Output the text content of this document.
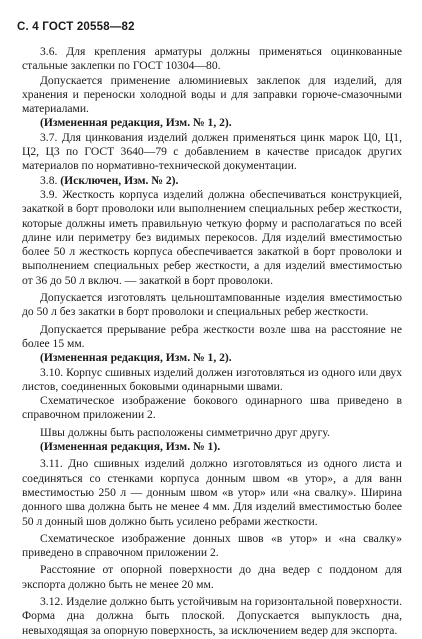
С. 4 ГОСТ 20558—82

3.6. Для крепления арматуры должны применяться оцинкованные стальные заклепки по ГОСТ 10304—80.

Допускается применение алюминиевых заклепок для изделий, для хранения и переноски холодной воды и для заправки горюче-смазочными материалами.

(Измененная редакция, Изм. № 1, 2).

3.7. Для цинкования изделий должен применяться цинк марок Ц0, Ц1, Ц2, Ц3 по ГОСТ 3640—79 с добавлением в качестве присадок других материалов по нормативно-технической документации.

3.8. (Исключен, Изм. № 2).

3.9. Жесткость корпуса изделий должна обеспечиваться конструкцией, закаткой в борт проволоки или выполнением специальных ребер жесткости, которые должны иметь правильную четкую форму и располагаться по всей длине или периметру без видимых перекосов. Для изделий вместимостью более 50 л жесткость корпуса обеспечивается закаткой в борт проволоки и выполнением специальных ребер жесткости, а для изделий вместимостью от 36 до 50 л включ. — закаткой в борт проволоки.

Допускается изготовлять цельноштампованные изделия вместимостью до 50 л без закатки в борт проволоки и специальных ребер жесткости.

Допускается прерывание ребра жесткости возле шва на расстояние не более 15 мм.

(Измененная редакция, Изм. № 1, 2).

3.10. Корпус сшивных изделий должен изготовляться из одного или двух листов, соединенных боковыми одинарными швами.

Схематическое изображение бокового одинарного шва приведено в справочном приложении 2.

Швы должны быть расположены симметрично друг другу.

(Измененная редакция, Изм. № 1).

3.11. Дно сшивных изделий должно изготовляться из одного листа и соединяться со стенками корпуса донным швом «в утор», а для ванн вместимостью 250 л — донным швом «в утор» или «на свалку». Ширина донного шва должна быть не менее 4 мм. Для изделий вместимостью более 50 л донный шов должно быть усилено ребрами жесткости.

Схематическое изображение донных швов «в утор» и «на свалку» приведено в справочном приложении 2.

Расстояние от опорной поверхности до дна ведер с поддоном для экспорта должно быть не менее 20 мм.

3.12. Изделие должно быть устойчивым на горизонтальной поверхности. Форма дна должна быть плоской. Допускается выпуклость дна, невыходящая за опорную поверхность, за исключением ведер для экспорта.
